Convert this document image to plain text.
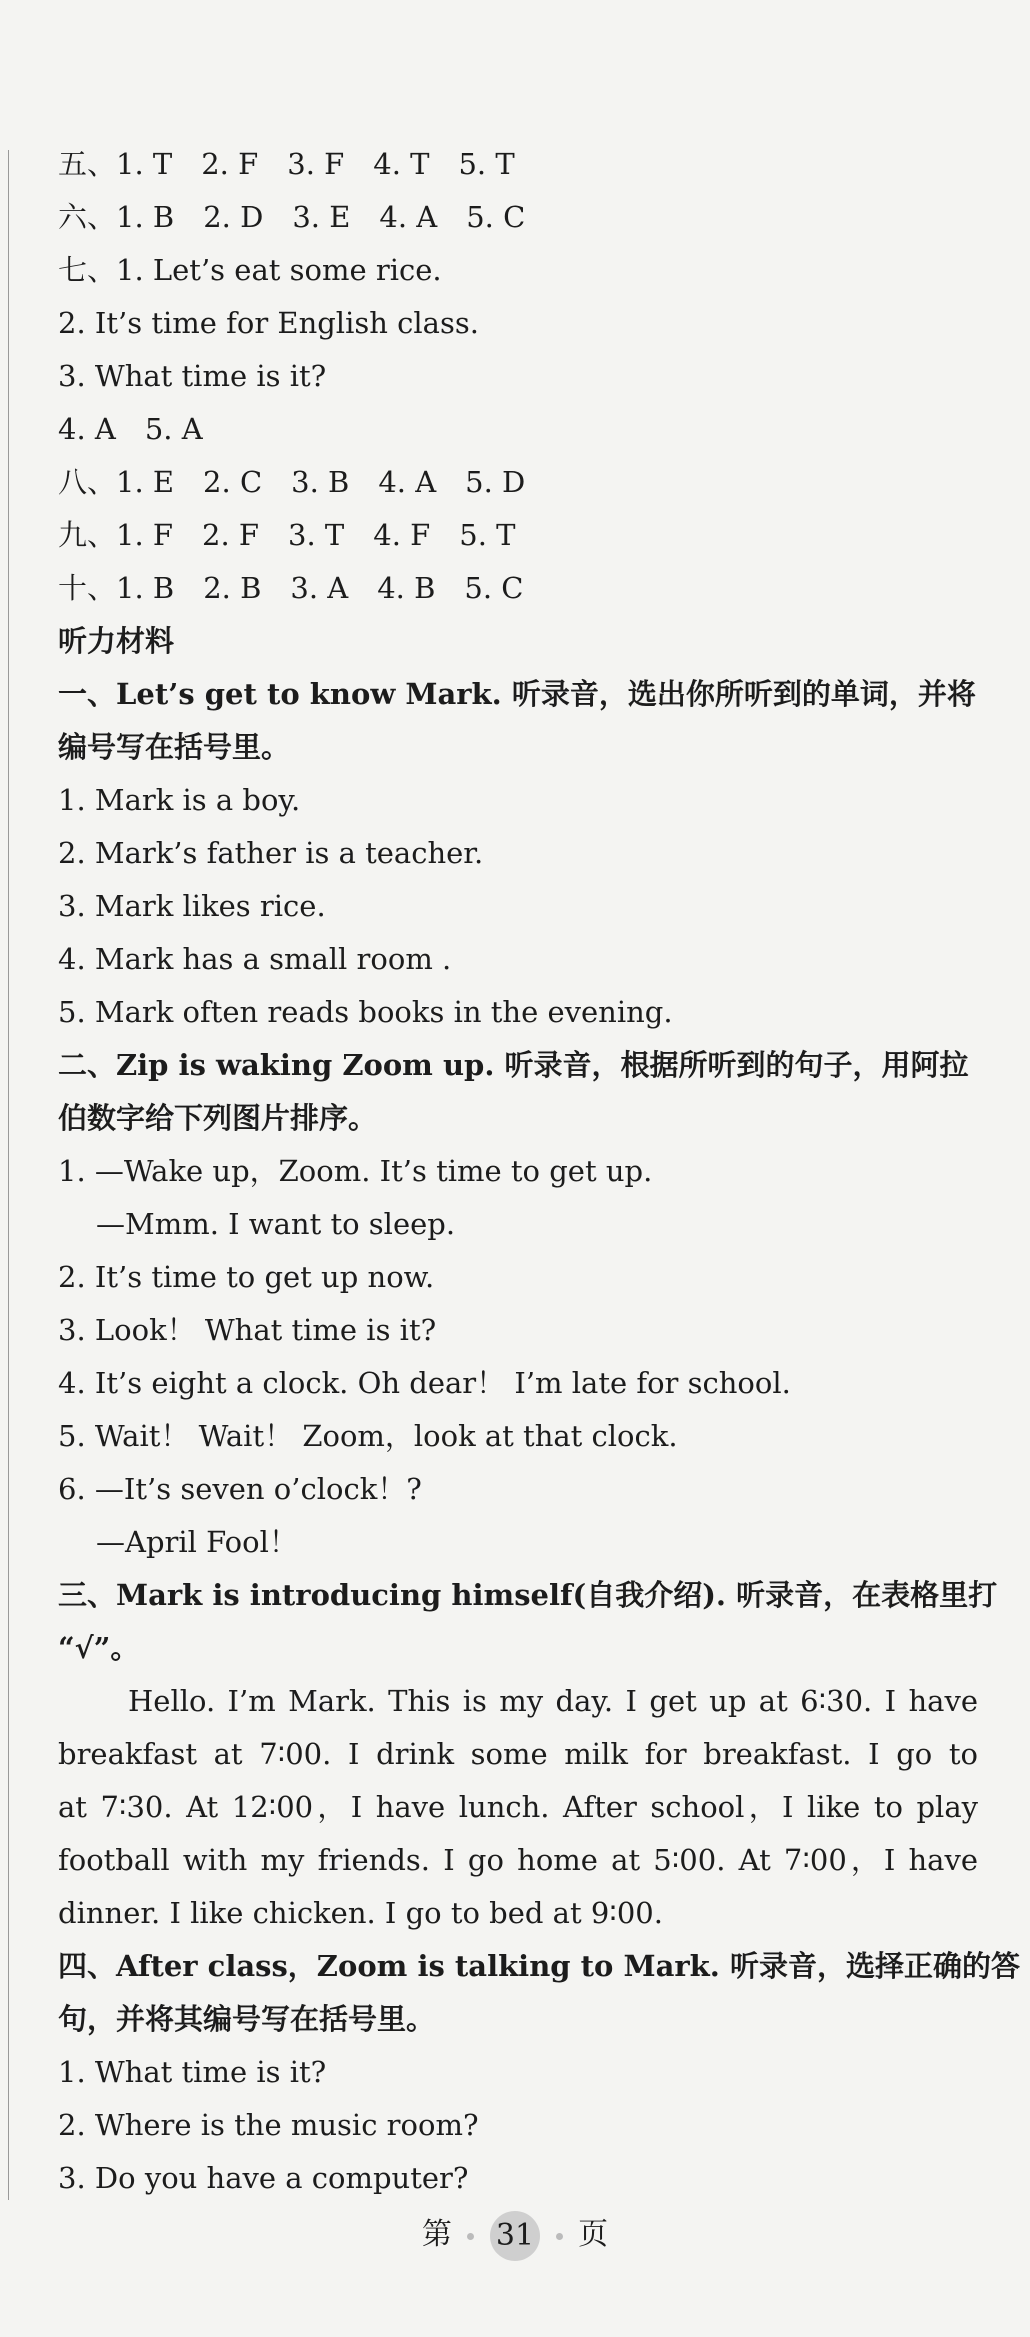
五、1. T　2. F　3. F　4. T　5. T
六、1. B　2. D　3. E　4. A　5. C
七、1. Let’s eat some rice.
2. It’s time for English class.
3. What time is it?
4. A　5. A
八、1. E　2. C　3. B　4. A　5. D
九、1. F　2. F　3. T　4. F　5. T
十、1. B　2. B　3. A　4. B　5. C
听力材料
一、Let’s get to know Mark. 听录音，选出你所听到的单词，并将
编号写在括号里。
1. Mark is a boy.
2. Mark’s father is a teacher.
3. Mark likes rice.
4. Mark has a small room .
5. Mark often reads books in the evening.
二、Zip is waking Zoom up. 听录音，根据所听到的句子，用阿拉
伯数字给下列图片排序。
1. —Wake up，Zoom. It’s time to get up.
—Mmm. I want to sleep.
2. It’s time to get up now.
3. Look！ What time is it?
4. It’s eight a clock. Oh dear！ I’m late for school.
5. Wait！ Wait！ Zoom，look at that clock.
6. —It’s seven o’clock！?
—April Fool！
三、Mark is introducing himself(自我介绍). 听录音，在表格里打
“√”。
Hello. I’m Mark. This is my day. I get up at 6∶30. I have
breakfast at 7∶00. I drink some milk for breakfast. I go to
at 7∶30. At 12∶00，I have lunch. After school，I like to play
football with my friends. I go home at 5∶00. At 7∶00，I have
dinner. I like chicken. I go to bed at 9∶00.
四、After class，Zoom is talking to Mark. 听录音，选择正确的答
句，并将其编号写在括号里。
1. What time is it?
2. Where is the music room?
3. Do you have a computer?
第 31 页
